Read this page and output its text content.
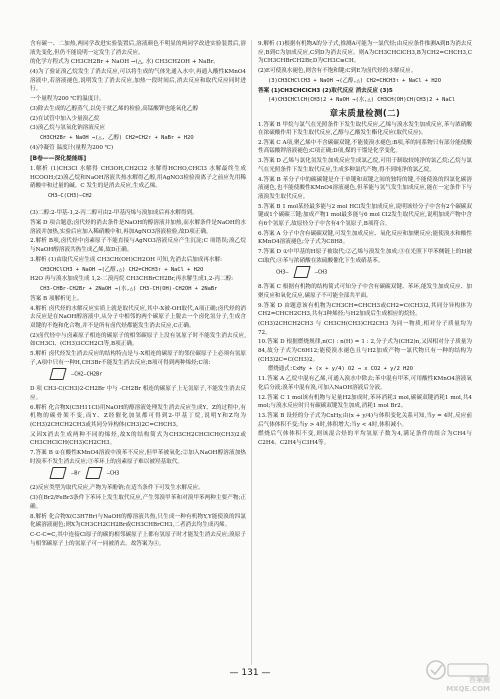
含有碳一、二加热,两同学改进实验装置后,溶液颜色不明显的两同学改进实验装置后,溶液先变化,但仍不能说明一定发生了消去反应。

的化学方程式为 CH3CH2Br + NaOH →(△, 水) CH3CH2OH + NaBr。

(4)为了验证溴乙烷发生了消去反应,可以将生成的气体先通入水中,再通入酸性KMnO4溶液中,若溶液褪色,说明发生了消去反应,加热一段时间后,消去反应和取代反应同时进行。

一个量程为200 ℃的温度计。

(3)除去生成的乙醇蒸气,以免干扰乙烯的检验,高锰酸钾也能氧化乙醇

(2)在试管中加入少量溴乙烷

(3)溴乙烷与氢氧化钠溶液反应

CH3CH2Br + NaOH →(△, 乙醇) CH2=CH2↑ + NaBr + H2O

(4)冷凝管 温度计(量程为200 ℃)

[B卷——深化提能练]

1.解析 (1)CH3Cl 水解得 CH3OH,CH2Cl2 水解得HCHO,CHCl3 水解最终生成HCOOH;(2)溴乙烷和NaOH溶液共热水解得乙醇,用AgNO3检验溴离子之前应先用稀硝酸中和过量的碱。C 发生的是消去反应,生成乙烯。

CH3–C(CH3)–CH2

(3)二醇:2-甲基-1,2-丙二醇可由2-甲基丙烯与溴加成后再水解得到。

答案 D 项合题意;卤代烃的消去条件是NaOH的醇溶液并加热,而水解条件是NaOH的水溶液并加热,实验后应加入稀硝酸中和,再加AgNO3溶液检验,故D项正确。

2.解析 B项,卤代烃中卤素原子不能直接与AgNO3溶液反应产生沉淀;C 项错误;溴乙烷与NaOH醇溶液共热生成乙烯,故D正确。

3.解析 (1)由取代反应生成 CH3CH(OH)CH2OH 可知,先消去后加成再水解:

CH3CHClCH3 + NaOH →(乙醇,△) CH2=CHCH3↑ + NaCl + H2O

H2O 再与溴水加成生成 1,2-二溴丙烷 CH3CHBrCH2Br,再水解生成1,2-丙二醇:

CH3-CHBr-CH2Br + 2NaOH →(水,△) CH3-CH(OH)-CH2OH + 2NaBr

答案 B 项解析见上。

4.解析 卤代烃的水解反应实质上就是取代反应,其中-X被-OH取代,A项正确;卤代烃的消去反应是在NaOH醇溶液中,从分子中相邻的两个碳原子上脱去一个卤化氢分子,生成含双键的不饱和化合物,并不是所有卤代烃都能发生消去反应,C正确。

(2)卤代烃中与卤素原子相连的碳原子的相邻碳原子上没有氢原子时不能发生消去反应,如CH3Cl、(CH3)3CCH2Cl等,B项正确。

5.解析 卤代烃发生消去反应的结构特点是与-X相连的碳原子的邻位碳原子上必须有氢原子,A项中只有一种H,CH3Br不能发生消去反应;B项可得到两种烯烃;C项:

–CH2–CH2Br

D 项 CH3-C(CH3)2-CH2Br 中与 -CH2Br 相连的碳原子上无氢原子,不能发生消去反应。

6.解析 化合物X(C5H11Cl)用NaOH的醇溶液处理发生消去反应生成Y、Z的过程中,有机物的碳骨架不变,而Y、Z经催化加氢都可得到2-甲基丁烷,说明Y和Z均为(CH3)2CHCH2CH3或其同分异构体(CH3)2C=CHCH3。

又因X消去生成两种不同的烯烃,故X的结构简式为CH3CH2CHClCH(CH3)2或CH3CHClCH(CH3)CH2CH3。

7.答案 B ①在酸性KMnO4溶液中溴苯不反应,但甲苯被氧化;②加入NaOH醇溶液加热时溴苯不发生消去反应;③苯环上的卤素原子难以被羟基取代。

–Br	–CH3

(2)反应类型为取代反应,产物为苯酚钠;在适当条件下可发生水解反应。

(3)在Br2/FeBr3条件下苯环上发生取代反应,产生邻溴甲苯和对溴甲苯两种主要产物;正确。

8.解析 化合物X(C3H7Br)与NaOH的醇溶液共热,只生成一种有机物Y,Y能使溴的四氯化碳溶液褪色;则X为CH3CH2CH2Br或CH3CHBrCH3,二者消去均生成丙烯。

C-C-C=C,其中连接Cl原子的碳的相邻碳原子上都有氢原子时才能发生消去反应;溴原子与相邻碳原子上的氢原子可一同被消去。故答案为④。

9.解析 (1)根据有机物A的分子式,推测A可能为一氯代烃;由反应条件推测A到B为消去反应,B到C为加成反应,C到D为消去反应。则A为CH3CHClCH3,B为CH2=CHCH3,C为CH3CHBrCH2Br,D为CH3C≡CH。

(2)E可使溴水褪色,则含有不饱和键;C到E为卤代烃的水解反应。

(3)CH3CHClCH3 + NaOH →(乙醇,△) CH2=CHCH3↑ + NaCl + H2O

答案 (1)CH3CHClCH3 (2)取代反应 消去反应 (3)5

(4)CH3CHClCH(CH3)2 + NaOH →(水,△) CH3CH(OH)CH(CH3)2 + NaCl

章末质量检测(二)

1.答案 B 甲烷与氯气在光照条件下发生取代反应,乙烯与溴水发生加成反应,苯与浓硝酸在浓硫酸作用下发生取代反应,乙醇与乙酸发生酯化反应(取代反应)。

2.答案 C A项,聚乙烯中不含碳碳双键,不能使溴水褪色;B项,苯的同系物只有部分能使酸性高锰酸钾溶液褪色;C项正确;D项,煤的干馏是化学变化。

3.答案 D 乙烯与氯化氢发生加成反应生成氯乙烷,可用于制取较纯净的氯乙烷;乙烷与氯气在光照条件下发生取代反应,生成多种氯代产物,得不到纯净的氯乙烷。

4.答案 B 苯分子中的碳碳键是介于单键和双键之间的独特的键,不能使溴的四氯化碳溶液褪色,也不能使酸性KMnO4溶液褪色,但苯能与氢气发生加成反应,能在一定条件下与液溴发生取代反应。

5.答案 B 1 mol某烃最多能与2 mol HCl发生加成反应,说明该烃分子中含有2个碳碳双键或1个碳碳三键;加成产物1 mol最多能与6 mol Cl2发生取代反应,说明加成产物中含有6个氢原子,故原烃分子中含有4个氢原子,B项符合。

6.答案 A 分子中含有碳碳双键,可发生加成反应、氧化反应和加聚反应;能使溴水和酸性KMnO4溶液褪色;分子式为C8H8。

7.答案 D ①中甲基的H原子被取代;②乙烯与溴发生加成;③在光照下甲苯侧链上的H被Cl取代;④苯与浓硝酸在浓硫酸催化下生成硝基苯。

CH3–	–CH3

8.答案 C 根据有机物的结构简式可知分子中含有碳碳双键、苯环,能发生加成反应、加聚反应和氧化反应,碳原子不可能全部共平面。

9.答案 D 由题意该有机物为CH3CH=CHCH3或CH2=C(CH3)2,其同分异构体为CH2=CHCH2CH3,共有3种烯烃;与H2加成后生成相应的烷烃。

(CH3)2CHCH2CH3 与 CH3CH(CH3)CH2CH3 为同一物质,相对分子质量均为72。

10.答案 D 根据燃烧规律,n(C) : n(H) = 1 : 2,分子式为(CH2)n,又因相对分子质量为84,故分子式为C6H12;能使溴水褪色且与H2加成产物一氯代物只有一种的结构为(CH3)2C=C(CH3)2。

燃烧通式:CxHy + (x + y/4) O2 → x CO2 + y/2 H2O

11.答案 A 乙烷中混有乙烯,可通入溴水中除去;苯中混有甲苯,可用酸性KMnO4溶液氧化后分液;溴苯中混有溴,可加入NaOH溶液后分液。

12.答案 C 1 mol该有机物与足量H2加成时,苯环消耗3 mol,碳碳双键消耗1 mol,共4 mol;与溴水反应时只有碳碳双键发生加成,消耗1 mol Br2。

13.答案 B 设烃的分子式为CxHy,由(x + y/4)与体积变化关系可知,当y = 4时,反应前后气体体积不变;当y > 4时,体积增大;当y < 4时,体积减小。

燃烧后气体体积不变,则该混合烃的平均氢原子数为4,满足条件的组合为CH4与C2H4、C2H4与C3H4等。

— 131 —
答案圈 MXQE.COM
